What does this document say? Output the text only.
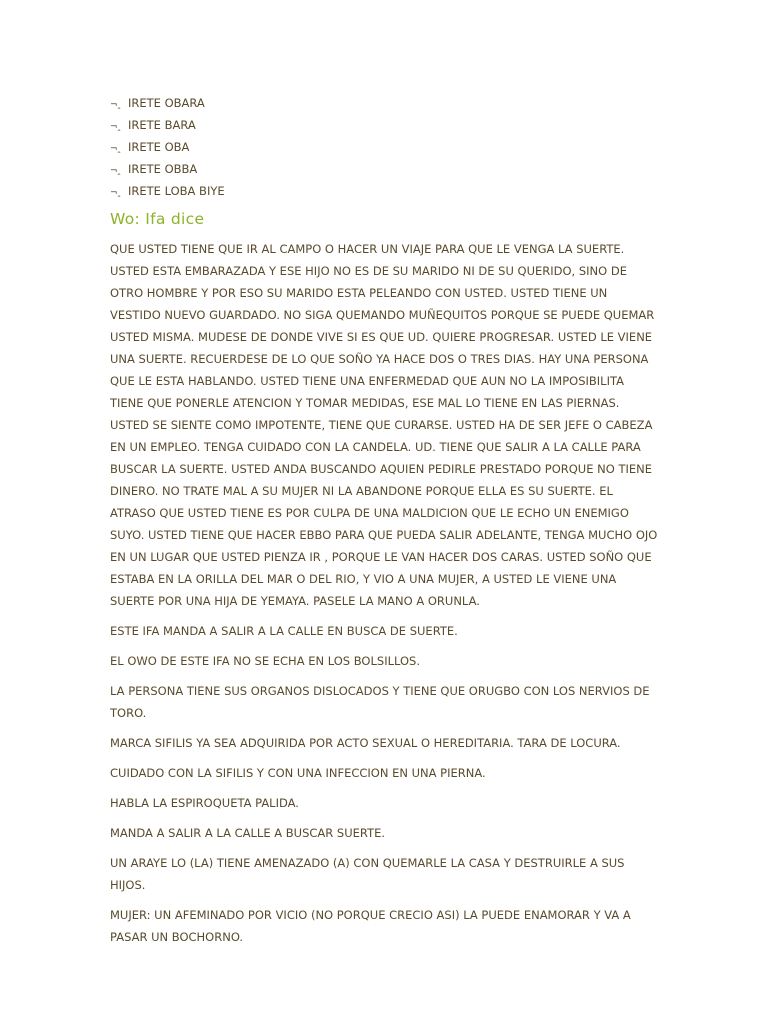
¬‸ IRETE OBARA
¬‸ IRETE BARA
¬‸ IRETE OBA
¬‸ IRETE OBBA
¬‸ IRETE LOBA BIYE
Wo: Ifa dice

QUE USTED TIENE QUE IR AL CAMPO O HACER UN VIAJE PARA QUE LE VENGA LA SUERTE. USTED ESTA EMBARAZADA Y ESE HIJO NO ES DE SU MARIDO NI DE SU QUERIDO, SINO DE OTRO HOMBRE Y POR ESO SU MARIDO ESTA PELEANDO CON USTED. USTED TIENE UN VESTIDO NUEVO GUARDADO. NO SIGA QUEMANDO MUÑEQUITOS PORQUE SE PUEDE QUEMAR USTED MISMA. MUDESE DE DONDE VIVE SI ES QUE UD. QUIERE PROGRESAR. USTED LE VIENE UNA SUERTE. RECUERDESE DE LO QUE SOÑO YA HACE DOS O TRES DIAS. HAY UNA PERSONA QUE LE ESTA HABLANDO. USTED TIENE UNA ENFERMEDAD QUE AUN NO LA IMPOSIBILITA TIENE QUE PONERLE ATENCION Y TOMAR MEDIDAS, ESE MAL LO TIENE EN LAS PIERNAS. USTED SE SIENTE COMO IMPOTENTE, TIENE QUE CURARSE. USTED HA DE SER JEFE O CABEZA EN UN EMPLEO. TENGA CUIDADO CON LA CANDELA. UD. TIENE QUE SALIR A LA CALLE PARA BUSCAR LA SUERTE. USTED ANDA BUSCANDO AQUIEN PEDIRLE PRESTADO PORQUE NO TIENE DINERO. NO TRATE MAL A SU MUJER NI LA ABANDONE PORQUE ELLA ES SU SUERTE. EL ATRASO QUE USTED TIENE ES POR CULPA DE UNA MALDICION QUE LE ECHO UN ENEMIGO SUYO. USTED TIENE QUE HACER EBBO PARA QUE PUEDA SALIR ADELANTE, TENGA MUCHO OJO EN UN LUGAR QUE USTED PIENZA IR , PORQUE LE VAN HACER DOS CARAS. USTED SOÑO QUE ESTABA EN LA ORILLA DEL MAR O DEL RIO, Y VIO A UNA MUJER, A USTED LE VIENE UNA SUERTE POR UNA HIJA DE YEMAYA. PASELE LA MANO A ORUNLA.

ESTE IFA MANDA A SALIR A LA CALLE EN BUSCA DE SUERTE.

EL OWO DE ESTE IFA NO SE ECHA EN LOS BOLSILLOS.

LA PERSONA TIENE SUS ORGANOS DISLOCADOS Y TIENE QUE ORUGBO CON LOS NERVIOS DE TORO.

MARCA SIFILIS YA SEA ADQUIRIDA POR ACTO SEXUAL O HEREDITARIA. TARA DE LOCURA.

CUIDADO CON LA SIFILIS Y CON UNA INFECCION EN UNA PIERNA.

HABLA LA ESPIROQUETA PALIDA.

MANDA A SALIR A LA CALLE A BUSCAR SUERTE.

UN ARAYE LO (LA) TIENE AMENAZADO (A) CON QUEMARLE LA CASA Y DESTRUIRLE A SUS HIJOS.

MUJER: UN AFEMINADO POR VICIO (NO PORQUE CRECIO ASI) LA PUEDE ENAMORAR Y VA A PASAR UN BOCHORNO.
